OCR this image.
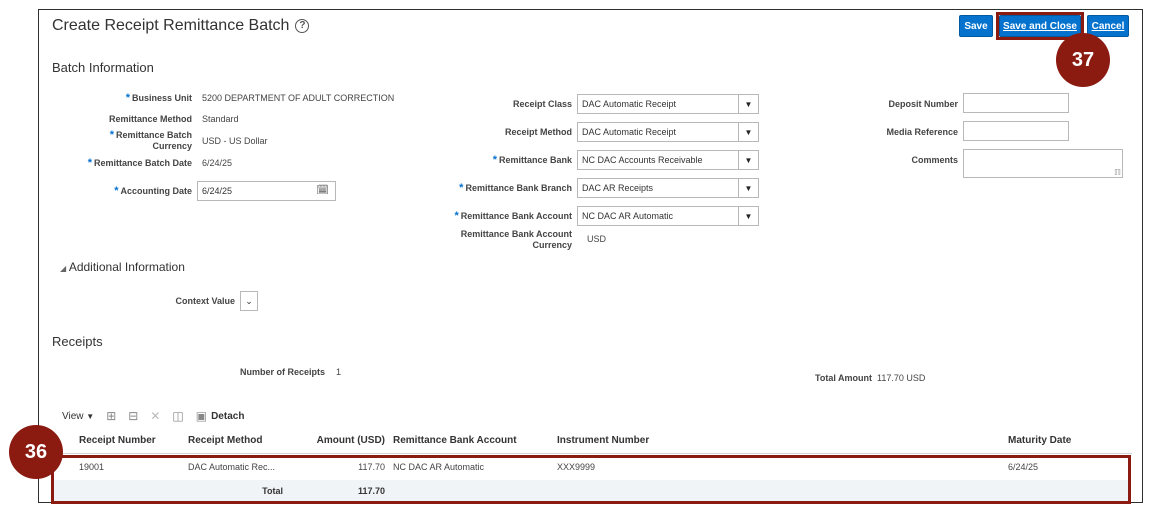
Create Receipt Remittance Batch ?	Save	Save and Close Cancel
37
Batch Information
* Business Unit 5200 DEPARTMENT OF ADULT CORRECTION
Remittance Method Standard
* Remittance Batch
Currency USD - US Dollar
* Remittance Batch Date 6/24/25
* Accounting Date	6/24/25	🗓
Receipt Class DAC Automatic Receipt	▼
Receipt Method DAC Automatic Receipt	▼
* Remittance Bank NC DAC Accounts Receivable	▼
* Remittance Bank Branch DAC AR Receipts	▼
* Remittance Bank Account NC DAC AR Automatic	▼
Remittance Bank Account
Currency
USD
Deposit Number
Media Reference
Comments
ℿ
◢ Additional Information
Context Value ⌄
Receipts
Number of Receipts 1
Total Amount 117.70 USD
View ▼ ⊞ ⊟ ✕ ◫ ▣ Detach
Receipt Number	Receipt Method	Amount (USD) Remittance Bank Account	Instrument Number	Maturity Date
19001	DAC Automatic Rec...	117.70 NC DAC AR Automatic	XXX9999	6/24/25
Total	117.70
36
